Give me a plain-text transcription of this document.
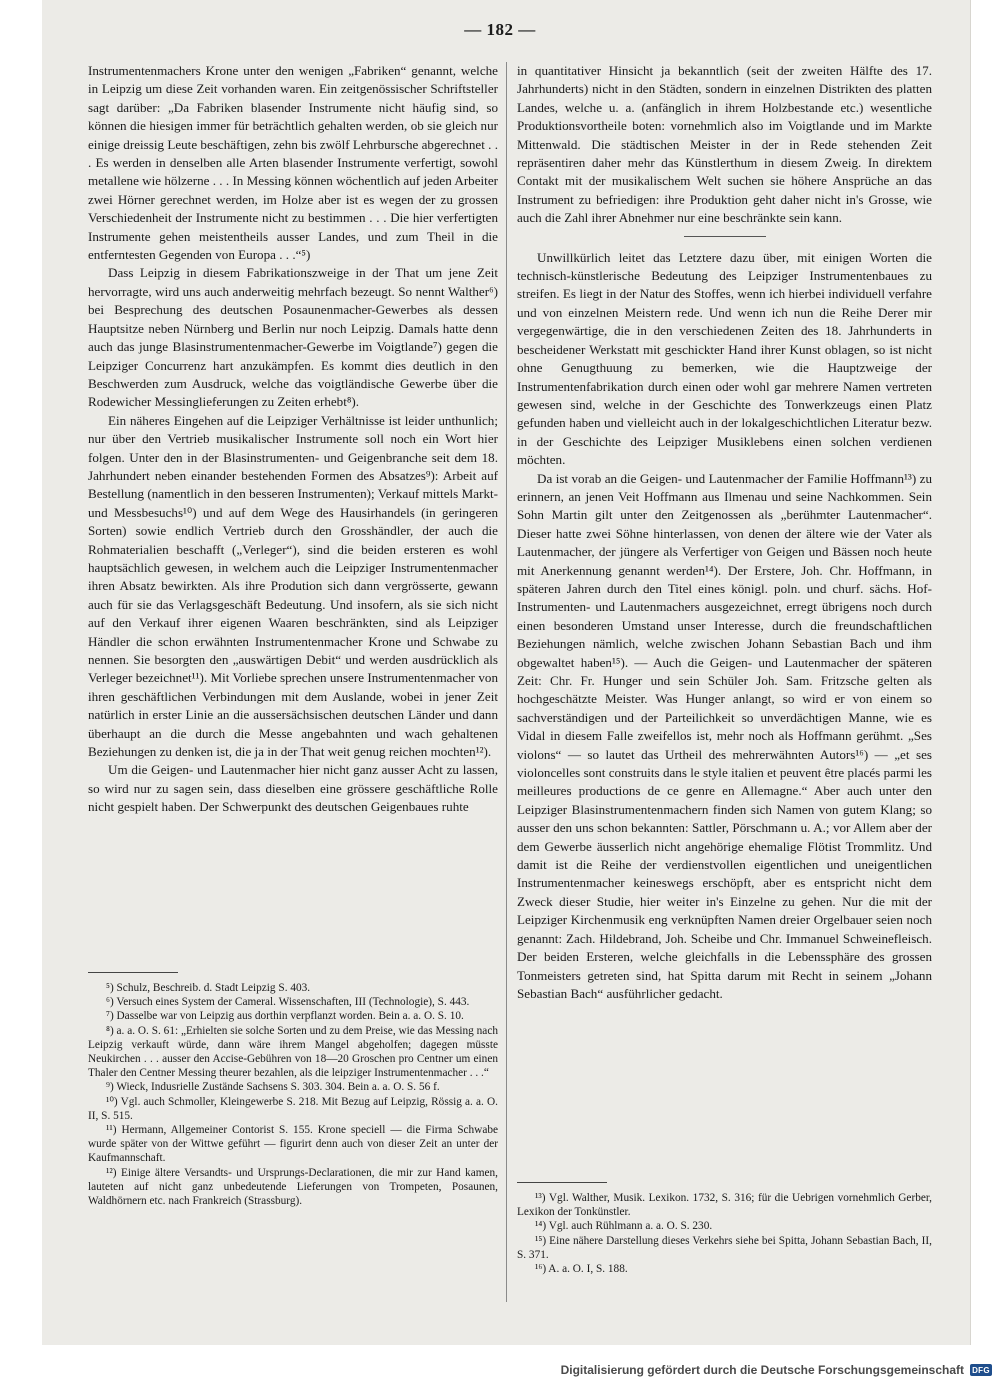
— 182 —

Instrumentenmachers Krone unter den wenigen „Fabriken“ genannt, welche in Leipzig um diese Zeit vorhanden waren. Ein zeitgenössischer Schriftsteller sagt darüber: „Da Fabriken blasender Instrumente nicht häufig sind, so können die hiesigen immer für beträchtlich gehalten werden, ob sie gleich nur einige dreissig Leute beschäftigen, zehn bis zwölf Lehrbursche abgerechnet . . . Es werden in denselben alle Arten blasender Instrumente verfertigt, sowohl metallene wie hölzerne . . . In Messing können wöchentlich auf jeden Arbeiter zwei Hörner gerechnet werden, im Holze aber ist es wegen der zu grossen Verschiedenheit der Instrumente nicht zu bestimmen . . . Die hier verfertigten Instrumente gehen meistentheils ausser Landes, und zum Theil in die entferntesten Gegenden von Europa . . .“⁵)

Dass Leipzig in diesem Fabrikationszweige in der That um jene Zeit hervorragte, wird uns auch anderweitig mehrfach bezeugt. So nennt Walther⁶) bei Besprechung des deutschen Posaunenmacher-Gewerbes als dessen Hauptsitze neben Nürnberg und Berlin nur noch Leipzig. Damals hatte denn auch das junge Blasinstrumentenmacher-Gewerbe im Voigtlande⁷) gegen die Leipziger Concurrenz hart anzukämpfen. Es kommt dies deutlich in den Beschwerden zum Ausdruck, welche das voigtländische Gewerbe über die Rodewicher Messinglieferungen zu Zeiten erhebt⁸).

Ein näheres Eingehen auf die Leipziger Verhältnisse ist leider unthunlich; nur über den Vertrieb musikalischer Instrumente soll noch ein Wort hier folgen. Unter den in der Blasinstrumenten- und Geigenbranche seit dem 18. Jahrhundert neben einander bestehenden Formen des Absatzes⁹): Arbeit auf Bestellung (namentlich in den besseren Instrumenten); Verkauf mittels Markt- und Messbesuchs¹⁰) und auf dem Wege des Hausirhandels (in geringeren Sorten) sowie endlich Vertrieb durch den Grosshändler, der auch die Rohmaterialien beschafft („Verleger“), sind die beiden ersteren es wohl hauptsächlich gewesen, in welchem auch die Leipziger Instrumentenmacher ihren Absatz bewirkten. Als ihre Prodution sich dann vergrösserte, gewann auch für sie das Verlagsgeschäft Bedeutung. Und insofern, als sie sich nicht auf den Verkauf ihrer eigenen Waaren beschränkten, sind als Leipziger Händler die schon erwähnten Instrumentenmacher Krone und Schwabe zu nennen. Sie besorgten den „auswärtigen Debit“ und werden ausdrücklich als Verleger bezeichnet¹¹). Mit Vorliebe sprechen unsere Instrumentenmacher von ihren geschäftlichen Verbindungen mit dem Auslande, wobei in jener Zeit natürlich in erster Linie an die aussersächsischen deutschen Länder und dann überhaupt an die durch die Messe angebahnten und wach gehaltenen Beziehungen zu denken ist, die ja in der That weit genug reichen mochten¹²).

Um die Geigen- und Lautenmacher hier nicht ganz ausser Acht zu lassen, so wird nur zu sagen sein, dass dieselben eine grössere geschäftliche Rolle nicht gespielt haben. Der Schwerpunkt des deutschen Geigenbaues ruhte

in quantitativer Hinsicht ja bekanntlich (seit der zweiten Hälfte des 17. Jahrhunderts) nicht in den Städten, sondern in einzelnen Distrikten des platten Landes, welche u. a. (anfänglich in ihrem Holzbestande etc.) wesentliche Produktionsvortheile boten: vornehmlich also im Voigtlande und im Markte Mittenwald. Die städtischen Meister in der in Rede stehenden Zeit repräsentiren daher mehr das Künstlerthum in diesem Zweig. In direktem Contakt mit der musikalischem Welt suchen sie höhere Ansprüche an das Instrument zu befriedigen: ihre Produktion geht daher nicht in's Grosse, wie auch die Zahl ihrer Abnehmer nur eine beschränkte sein kann.

Unwillkürlich leitet das Letztere dazu über, mit einigen Worten die technisch-künstlerische Bedeutung des Leipziger Instrumentenbaues zu streifen. Es liegt in der Natur des Stoffes, wenn ich hierbei individuell verfahre und von einzelnen Meistern rede. Und wenn ich nun die Reihe Derer mir vergegenwärtige, die in den verschiedenen Zeiten des 18. Jahrhunderts in bescheidener Werkstatt mit geschickter Hand ihrer Kunst oblagen, so ist nicht ohne Genugthuung zu bemerken, wie die Hauptzweige der Instrumentenfabrikation durch einen oder wohl gar mehrere Namen vertreten gewesen sind, welche in der Geschichte des Tonwerkzeugs einen Platz gefunden haben und vielleicht auch in der lokalgeschichtlichen Literatur bezw. in der Geschichte des Leipziger Musiklebens einen solchen verdienen möchten.

Da ist vorab an die Geigen- und Lautenmacher der Familie Hoffmann¹³) zu erinnern, an jenen Veit Hoffmann aus Ilmenau und seine Nachkommen. Sein Sohn Martin gilt unter den Zeitgenossen als „berühmter Lautenmacher“. Dieser hatte zwei Söhne hinterlassen, von denen der ältere wie der Vater als Lautenmacher, der jüngere als Verfertiger von Geigen und Bässen noch heute mit Anerkennung genannt werden¹⁴). Der Erstere, Joh. Chr. Hoffmann, in späteren Jahren durch den Titel eines königl. poln. und churf. sächs. Hof-Instrumenten- und Lautenmachers ausgezeichnet, erregt übrigens noch durch einen besonderen Umstand unser Interesse, durch die freundschaftlichen Beziehungen nämlich, welche zwischen Johann Sebastian Bach und ihm obgewaltet haben¹⁵). — Auch die Geigen- und Lautenmacher der späteren Zeit: Chr. Fr. Hunger und sein Schüler Joh. Sam. Fritzsche gelten als hochgeschätzte Meister. Was Hunger anlangt, so wird er von einem so sachverständigen und der Parteilichkeit so unverdächtigen Manne, wie es Vidal in diesem Falle zweifellos ist, mehr noch als Hoffmann gerühmt. „Ses violons“ — so lautet das Urtheil des mehrerwähnten Autors¹⁶) — „et ses violoncelles sont construits dans le style italien et peuvent être placés parmi les meilleures productions de ce genre en Allemagne.“ Aber auch unter den Leipziger Blasinstrumentenmachern finden sich Namen von gutem Klang; so ausser den uns schon bekannten: Sattler, Pörschmann u. A.; vor Allem aber der dem Gewerbe äusserlich nicht angehörige ehemalige Flötist Trommlitz. Und damit ist die Reihe der verdienstvollen eigentlichen und uneigentlichen Instrumentenmacher keineswegs erschöpft, aber es entspricht nicht dem Zweck dieser Studie, hier weiter in's Einzelne zu gehen. Nur die mit der Leipziger Kirchenmusik eng verknüpften Namen dreier Orgelbauer seien noch genannt: Zach. Hildebrand, Joh. Scheibe und Chr. Immanuel Schweinefleisch. Der beiden Ersteren, welche gleichfalls in die Lebenssphäre des grossen Tonmeisters getreten sind, hat Spitta darum mit Recht in seinem „Johann Sebastian Bach“ ausführlicher gedacht.

⁵) Schulz, Beschreib. d. Stadt Leipzig S. 403.

⁶) Versuch eines System der Cameral. Wissenschaften, III (Technologie), S. 443.

⁷) Dasselbe war von Leipzig aus dorthin verpflanzt worden. Bein a. a. O. S. 10.

⁸) a. a. O. S. 61: „Erhielten sie solche Sorten und zu dem Preise, wie das Messing nach Leipzig verkauft würde, dann wäre ihrem Mangel abgeholfen; dagegen müsste Neukirchen . . . ausser den Accise-Gebühren von 18—20 Groschen pro Centner um einen Thaler den Centner Messing theurer bezahlen, als die leipziger Instrumentenmacher . . .“

⁹) Wieck, Indusrielle Zustände Sachsens S. 303. 304. Bein a. a. O. S. 56 f.

¹⁰) Vgl. auch Schmoller, Kleingewerbe S. 218. Mit Bezug auf Leipzig, Rössig a. a. O. II, S. 515.

¹¹) Hermann, Allgemeiner Contorist S. 155. Krone speciell — die Firma Schwabe wurde später von der Wittwe geführt — figurirt denn auch von dieser Zeit an unter der Kaufmannschaft.

¹²) Einige ältere Versandts- und Ursprungs-Declarationen, die mir zur Hand kamen, lauteten auf nicht ganz unbedeutende Lieferungen von Trompeten, Posaunen, Waldhörnern etc. nach Frankreich (Strassburg).	¹³) Vgl. Walther, Musik. Lexikon. 1732, S. 316; für die Uebrigen vornehmlich Gerber, Lexikon der Tonkünstler.

¹⁴) Vgl. auch Rühlmann a. a. O. S. 230.

¹⁵) Eine nähere Darstellung dieses Verkehrs siehe bei Spitta, Johann Sebastian Bach, II, S. 371.

¹⁶) A. a. O. I, S. 188.

Digitalisierung gefördert durch die Deutsche Forschungsgemeinschaft DFG
